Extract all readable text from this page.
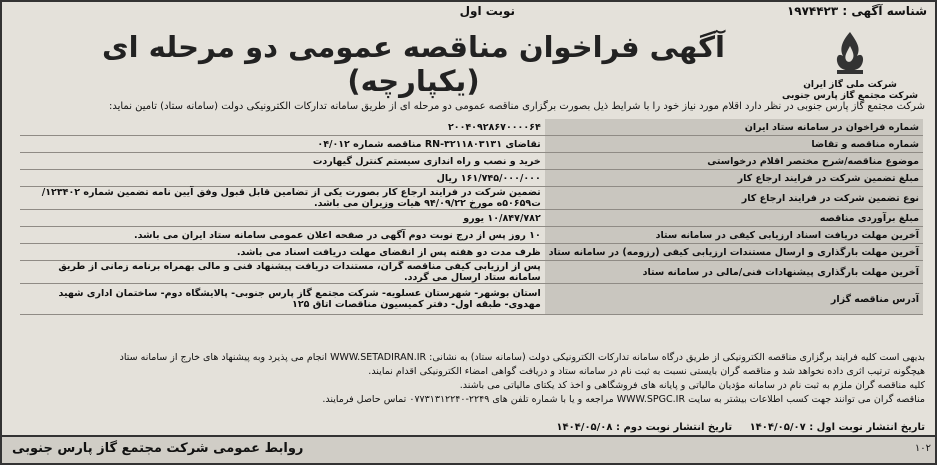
شناسه آگهی : ۱۹۷۴۴۲۳
نوبت اول
شرکت ملی گاز ایران
شرکت مجتمع گاز پارس جنوبی
آگهی فراخوان مناقصه عمومی دو مرحله ای (یکپارچه)
شرکت مجتمع گاز پارس جنوبی در نظر دارد اقلام مورد نیاز خود را با شرایط ذیل بصورت برگزاری مناقصه عمومی دو مرحله ای از طریق سامانه تدارکات الکترونیکی دولت (سامانه ستاد) تامین نماید:
شماره فراخوان در سامانه ستاد ایران	۲۰۰۴۰۹۲۸۶۷۰۰۰۰۶۴
شماره مناقصه و تقاضا	تقاضای RN-۳۲۱۱۸۰۳۱۳۱ مناقصه شماره ۰۴/۰۱۲
موضوع مناقصه/شرح مختصر اقلام درخواستی	خرید و نصب و راه اندازی سیستم کنترل گیهاردت
مبلغ تضمین شرکت در فرایند ارجاع کار	۱۶۱/۷۴۵/۰۰۰/۰۰۰ ریال
نوع تضمین شرکت در فرایند ارجاع کار	تضمین شرکت در فرایند ارجاع کار بصورت یکی از تضامین قابل قبول وفق آیین نامه تضمین شماره ۱۲۳۴۰۲/ت۵۰۶۵۹ه مورخ ۹۴/۰۹/۲۲ هیات وزیران می باشد.
مبلغ برآوردی مناقصه	۱۰/۸۴۷/۷۸۲ یورو
آخرین مهلت دریافت اسناد ارزیابی کیفی در سامانه ستاد	۱۰ روز پس از درج نوبت دوم آگهی در صفحه اعلان عمومی سامانه ستاد ایران می باشد.
آخرین مهلت بارگذاری و ارسال مستندات ارزیابی کیفی (رزومه) در سامانه ستاد	ظرف مدت دو هفته پس از انقضای مهلت دریافت اسناد می باشد.
آخرین مهلت بارگذاری پیشنهادات فنی/مالی در سامانه ستاد	پس از ارزیابی کیفی مناقصه گران، مستندات دریافت پیشنهاد فنی و مالی بهمراه برنامه زمانی از طریق سامانه ستاد ارسال می گردد.
آدرس مناقصه گزار	استان بوشهر- شهرستان عسلویه- شرکت مجتمع گاز پارس جنوبی- پالایشگاه دوم- ساختمان اداری شهید مهدوی- طبقه اول- دفتر کمیسیون مناقصات اتاق ۱۲۵

بدیهی است کلیه فرایند برگزاری مناقصه الکترونیکی از طریق درگاه سامانه تدارکات الکترونیکی دولت (سامانه ستاد) به نشانی: WWW.SETADIRAN.IR انجام می پذیرد وبه پیشنهاد های خارج از سامانه ستاد

هیچگونه ترتیب اثری داده نخواهد شد و مناقصه گران بایستی نسبت به ثبت نام در سامانه ستاد و دریافت گواهی امضاء الکترونیکی اقدام نمایند.

کلیه مناقصه گران ملزم به ثبت نام در سامانه مؤدیان مالیاتی و پایانه های فروشگاهی و اخذ کد یکتای مالیاتی می باشند.

مناقصه گران می توانند جهت کسب اطلاعات بیشتر به سایت WWW.SPGC.IR مراجعه و یا با شماره تلفن های ۲۲۴۹-۰۷۷۳۱۳۱۲۲۴۰ تماس حاصل فرمایند.

تاریخ انتشار نوبت اول : ۱۴۰۴/۰۵/۰۷     تاریخ انتشار نوبت دوم : ۱۴۰۴/۰۵/۰۸
۱۰۲
روابط عمومی شرکت مجتمع گاز پارس جنوبی
